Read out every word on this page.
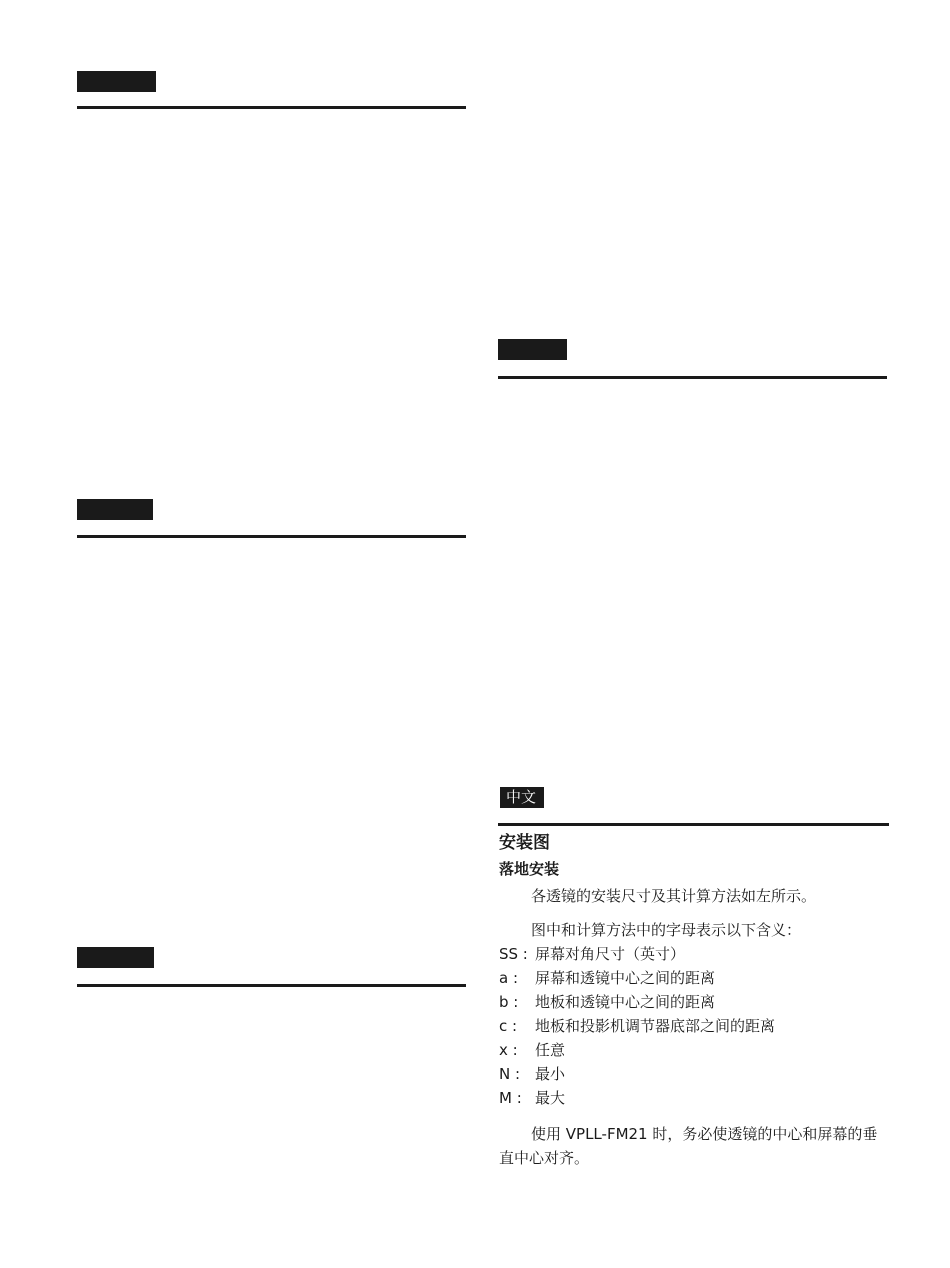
中文
安装图
落地安装

各透镜的安装尺寸及其计算方法如左所示。

图中和计算方法中的字母表示以下含义：

SS : 屏幕对角尺寸（英寸）
a :	屏幕和透镜中心之间的距离
b :	地板和透镜中心之间的距离
c :	地板和投影机调节器底部之间的距离
x :	任意
N : 最小
M : 最大

使用 VPLL-FM21 时，务必使透镜的中心和屏幕的垂直中心对齐。
